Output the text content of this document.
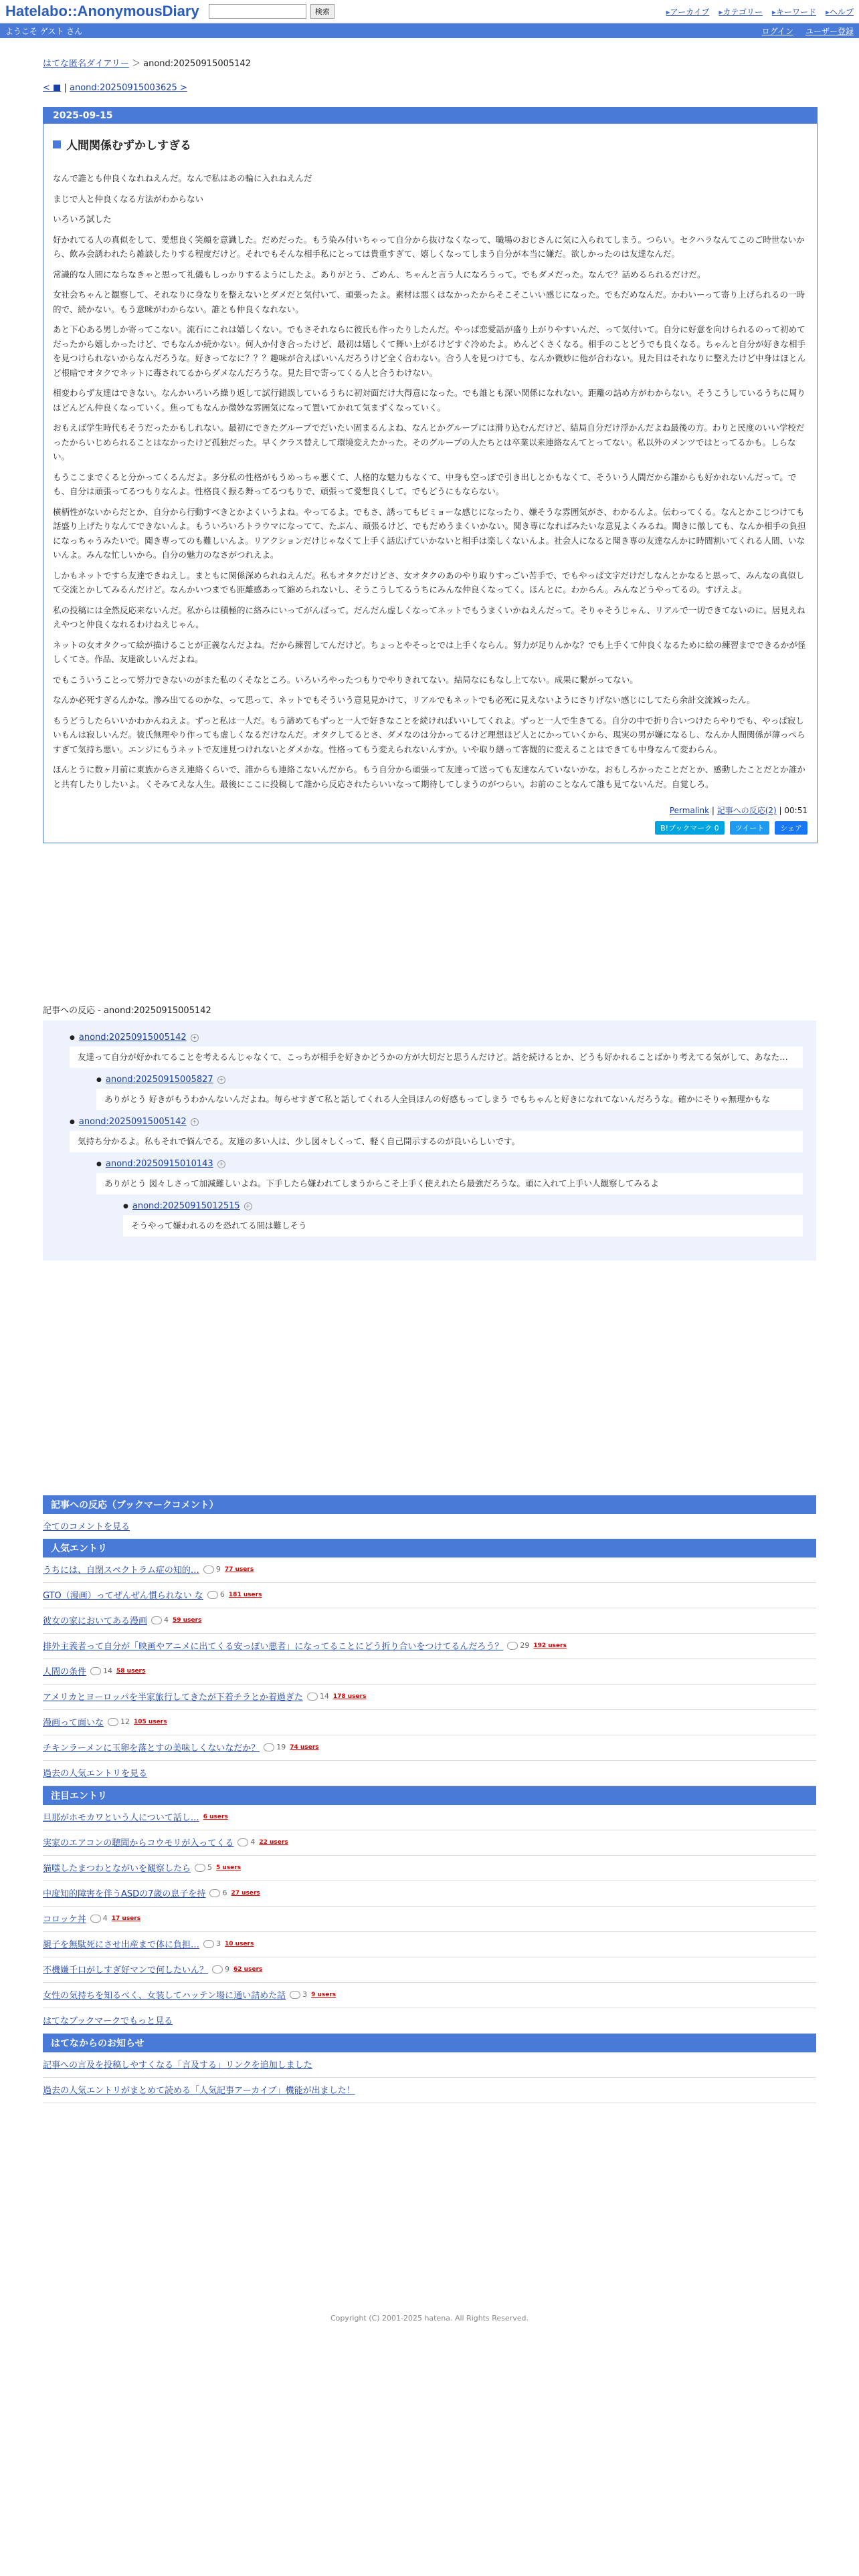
Hatelabo::AnonymousDiary	検索	▸ アーカイブ	▸ カテゴリー	▸ キーワード	▸ ヘルプ
ようこそ ゲスト さん	ログイン ユーザー登録
はてな匿名ダイアリー ＞ anond:20250915005142
< ■ | anond:20250915003625 >
2025-09-15
人間関係むずかしすぎる

なんで誰とも仲良くなれねえんだ。なんで私はあの輪に入れねえんだ

まじで人と仲良くなる方法がわからない

いろいろ試した

好かれてる人の真似をして、愛想良く笑顔を意識した。だめだった。もう染み付いちゃって自分から抜けなくなって、職場のおじさんに気に入られてしまう。つらい。セクハラなんてこのご時世ないから、飲み会誘われたら雑談したりする程度だけど。それでもそんな相手私にとっては貴重すぎて、嬉しくなってしまう自分が本当に嫌だ。欲しかったのは友達なんだ。

常識的な人間にならなきゃと思って礼儀もしっかりするようにしたよ。ありがとう、ごめん、ちゃんと言う人になろうって。でもダメだった。なんで？話めるられるだけだ。

女社会ちゃんと観察して、それなりに身なりを整えないとダメだと気付いて、頑張ったよ。素材は悪くはなかったからそこそこいい感じになった。でもだめなんだ。かわいーって寄り上げられるの一時的で、続かない。もう意味がわからない。誰とも仲良くなれない。

あと下心ある男しか寄ってこない。流石にこれは嬉しくない。でもさそれならに彼氏も作ったりしたんだ。やっぱ恋愛話が盛り上がりやすいんだ、って気付いて。自分に好意を向けられるのって初めてだったから嬉しかったけど、でもなんか続かない。何人か付き合ったけど、最初は嬉しくて舞い上がるけどすぐ冷めたよ。めんどくさくなる。相手のことどうでも良くなる。ちゃんと自分が好きな相手を見つけられないからなんだろうな。好きってなに？？？趣味が合えばいいんだろうけど全く合わない。合う人を見つけても、なんか微妙に他が合わない。見た目はそれなりに整えたけど中身はほとんど根暗でオタクでネットに毒されてるからダメなんだろうな。見た目で寄ってくる人と合うわけない。

相変わらず友達はできない。なんかいろいろ繰り返して試行錯誤しているうちに初対面だけ大得意になった。でも誰とも深い関係になれない。距離の詰め方がわからない。そうこうしているうちに周りはどんどん仲良くなっていく。焦ってもなんか微妙な雰囲気になって置いてかれて気まずくなっていく。

おもえば学生時代もそうだったかもしれない。最初にできたグループでだいたい固まるんよね、なんとかグループには滑り込むんだけど、結局自分だけ浮かんだよね最後の方。わりと民度のいい学校だったからいじめられることはなかったけど孤独だった。早くクラス替えして環境変えたかった。そのグループの人たちとは卒業以来連絡なんてとってない。私以外のメンツではとってるかも。しらない。

もうここまでくると分かってくるんだよ。多分私の性格がもうめっちゃ悪くて、人格的な魅力もなくて、中身も空っぽで引き出しとかもなくて、そういう人間だから誰からも好かれないんだって。でも、自分は頑張ってるつもりなんよ。性格良く振る舞ってるつもりで、頑張って愛想良くして。でもどうにもならない。

横柄性がないからだとか、自分から行動すべきとかよくいうよね。やってるよ。でもさ、誘ってもビミョーな感じになったり、嫌そうな雰囲気がさ、わかるんよ。伝わってくる。なんとかこじつけても話盛り上げたりなんてできないんよ。もういろいろトラウマになってて、たぶん、頑張るけど、でもだめうまくいかない。聞き専になればみたいな意見よくみるね。聞きに徹しても、なんか相手の負担になっちゃうみたいで。聞き専ってのも難しいんよ。リアクションだけじゃなくて上手く話広げていかないと相手は楽しくないんよ。社会人になると聞き専の友達なんかに時間割いてくれる人間、いないんよ。みんな忙しいから。自分の魅力のなさがつれえよ。

しかもネットですら友達できねえし。まともに関係深められねえんだ。私もオタクだけどさ、女オタクのあのやり取りすっごい苦手で、でもやっぱ文字だけだしなんとかなると思って、みんなの真似して交流とかしてみるんだけど。なんかいつまでも距離感あって縮められないし、そうこうしてるうちにみんな仲良くなってく。ほんとに。わからん。みんなどうやってるの。すげえよ。

私の投稿には全然反応来ないんだ。私からは積極的に絡みにいってがんばって。だんだん虚しくなってネットでもうまくいかねえんだって。そりゃそうじゃん、リアルで一切できてないのに。居見えねえやつと仲良くなれるわけねえじゃん。

ネットの女オタクって絵が描けることが正義なんだよね。だから練習してんだけど。ちょっとやそっとでは上手くならん。努力が足りんかな？でも上手くて仲良くなるために絵の練習までできるかが怪しくてさ。作品、友達欲しいんだよね。

でもこういうことって努力できないのがまた私のくそなところ。いろいろやったつもりでやりきれてない。結局なにもなし上てない。成果に繋がってない。

なんか必死すぎるんかな。滲み出てるのかな、って思って、ネットでもそういう意見見かけて、リアルでもネットでも必死に見えないようにさりげない感じにしてたら余計交流減ったん。

もうどうしたらいいかわかんねえよ。ずっと私は一人だ。もう諦めてもずっと一人で好きなことを続ければいいしてくれよ。ずっと一人で生きてる。自分の中で折り合いつけたらやりでも、やっぱ寂しいもんは寂しいんだ。彼氏無理やり作っても虚しくなるだけなんだ。オタクしてるとさ、ダメなのは分かってるけど理想ほど人とにかっていくから、現実の男が嫌になるし、なんか人間関係が薄っぺらすぎて気持ち悪い。エンジにもうネットで友達見つけれないとダメかな。性格ってもう変えられないんすか。いや取り繕って客観的に変えることはできても中身なんて変わらん。

ほんとうに数ヶ月前に東族からさえ連絡くらいで、誰からも連絡こないんだから。もう自分から頑張って友達って送っても友達なんていないかな。おもしろかったことだとか、感動したことだとか誰かと共有したりしたいよ。くそみてえな人生。最後にここに投稿して誰から反応されたらいいなって期待してしまうのがつらい。お前のことなんて誰も見てないんだ。自覚しろ。

Permalink | 記事への反応(2) | 00:51
B!ブックマーク 0	ツイート	シェア
記事への反応 - anond:20250915005142
● anond:20250915005142	+
友達って自分が好かれてることを考えるんじゃなくて、こっちが相手を好きかどうかの方が大切だと思うんだけど。話を続けるとか、どうも好かれることばかり考えてる気がして、あなた…
● anond:20250915005827	+
ありがとう 好きがもうわかんないんだよね。毎らせすぎて私と話してくれる人全員ほんの好感もってしまう でもちゃんと好きになれてないんだろうな。確かにそりゃ無理かもな
● anond:20250915005142	+
気持ち分かるよ。私もそれで悩んでる。友達の多い人は、少し図々しくって、軽く自己開示するのが良いらしいです。
● anond:20250915010143	+
ありがとう 図々しさって加減難しいよね。下手したら嫌われてしまうからこそ上手く使えれたら最強だろうな。頑に入れて上手い人観察してみるよ
● anond:20250915012515	+
そうやって嫌われるのを恐れてる間は難しそう
記事への反応（ブックマークコメント）
全てのコメントを見る
人気エントリ
うちには、自閉スペクトラム症の知的…	9 77 users
GTO（漫画）ってぜんぜん慣られない な	6 181 users
彼女の家においてある漫画	4 59 users
排外主義者って自分が「映画やアニメに出てくる安っぽい悪者」になってることにどう折り合いをつけてるんだろう？	29 192 users
人間の条件	14 58 users
アメリカとヨーロッパを半家旅行してきたが下着チラとか着過ぎた	14 178 users
漫画って面いな	12 105 users
チキンラーメンに玉卵を落とすの美味しくないなだか？	19 74 users
過去の人気エントリを見る
注目エントリ
旦那がホモカワという人について話し… 6 users
実家のエアコンの聴聞からコウモリが入ってくる	4 22 users
猫嗤したまつわとながいを観察したら	5 5 users
中度知的障害を伴うASDの7歳の息子を持	6 27 users
コロッケ丼	4 17 users
親子を無駄死にさせ出産まで体に負担…	3 10 users
不機嫌千口がしすぎ好マンで何したいん？	9 62 users
女性の気持ちを知るべく、女装してハッテン場に通い詰めた話	3 9 users
はてなブックマークでもっと見る
はてなからのお知らせ
記事への言及を投稿しやすくなる「言及する」リンクを追加しました
過去の人気エントリがまとめて読める「人気記事アーカイブ」機能が出ました！
Copyright (C) 2001-2025 hatena. All Rights Reserved.
